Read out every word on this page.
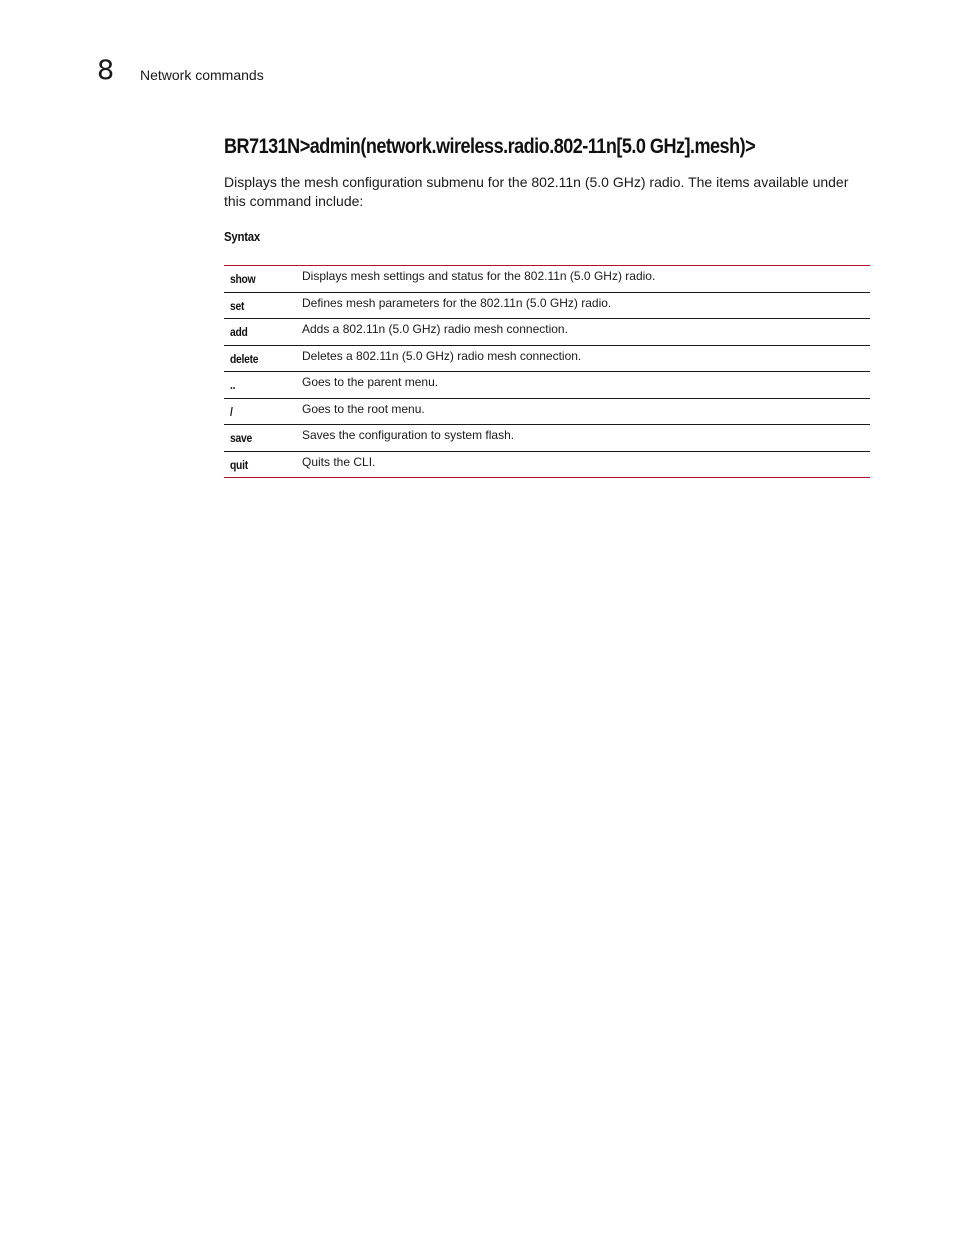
8 Network commands
BR7131N>admin(network.wireless.radio.802-11n[5.0 GHz].mesh)>

Displays the mesh configuration submenu for the 802.11n (5.0 GHz) radio. The items available under this command include:

Syntax
show	Displays mesh settings and status for the 802.11n (5.0 GHz) radio.
set	Defines mesh parameters for the 802.11n (5.0 GHz) radio.
add	Adds a 802.11n (5.0 GHz) radio mesh connection.
delete	Deletes a 802.11n (5.0 GHz) radio mesh connection.
..	Goes to the parent menu.
/	Goes to the root menu.
save	Saves the configuration to system flash.
quit	Quits the CLI.
